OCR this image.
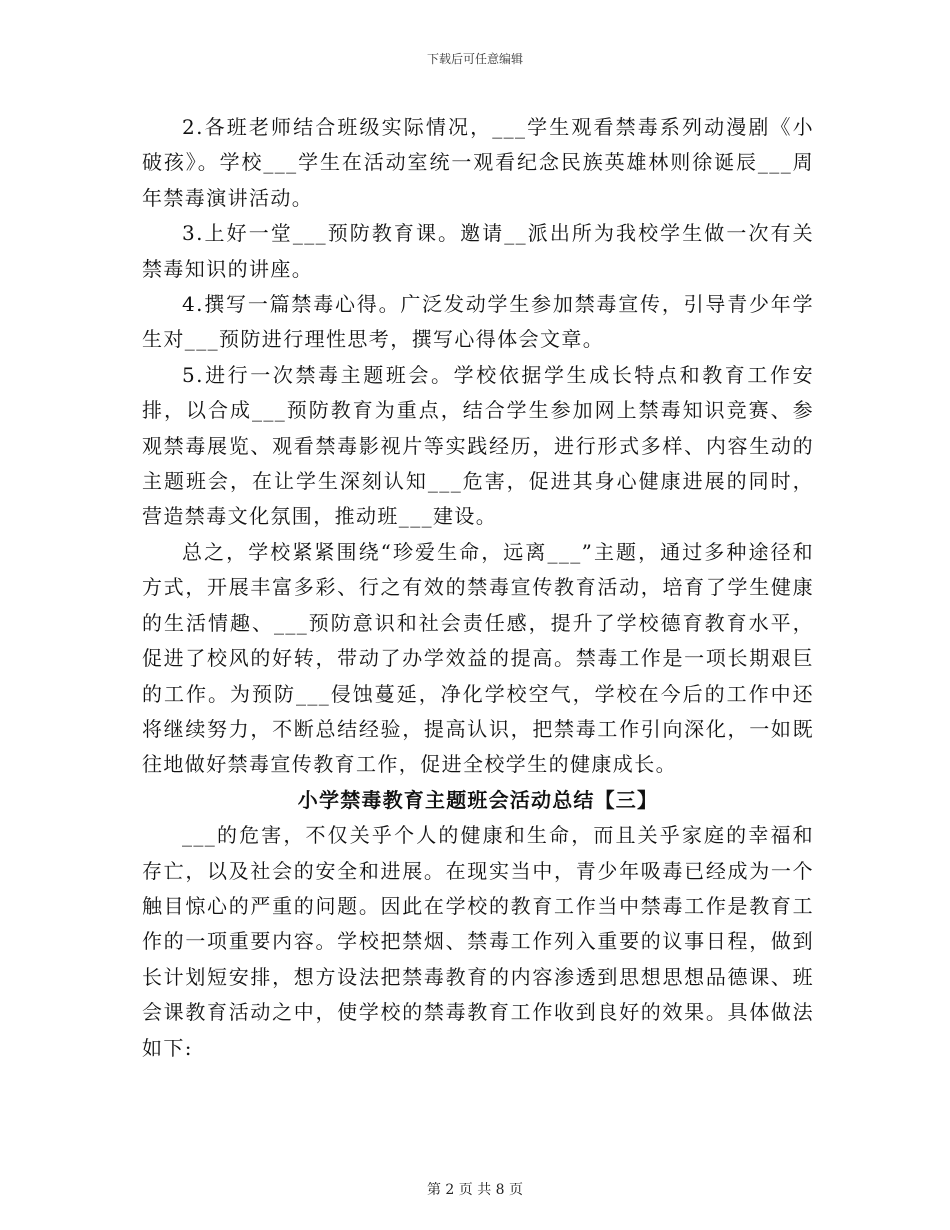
下载后可任意编辑

2.各班老师结合班级实际情况，___学生观看禁毒系列动漫剧《小破孩》。学校___学生在活动室统一观看纪念民族英雄林则徐诞辰___周年禁毒演讲活动。

3.上好一堂___预防教育课。邀请__派出所为我校学生做一次有关禁毒知识的讲座。

4.撰写一篇禁毒心得。广泛发动学生参加禁毒宣传，引导青少年学生对___预防进行理性思考，撰写心得体会文章。

5.进行一次禁毒主题班会。学校依据学生成长特点和教育工作安排，以合成___预防教育为重点，结合学生参加网上禁毒知识竞赛、参观禁毒展览、观看禁毒影视片等实践经历，进行形式多样、内容生动的主题班会，在让学生深刻认知___危害，促进其身心健康进展的同时，营造禁毒文化氛围，推动班___建设。

总之，学校紧紧围绕“珍爱生命，远离___”主题，通过多种途径和方式，开展丰富多彩、行之有效的禁毒宣传教育活动，培育了学生健康的生活情趣、___预防意识和社会责任感，提升了学校德育教育水平，促进了校风的好转，带动了办学效益的提高。禁毒工作是一项长期艰巨的工作。为预防___侵蚀蔓延，净化学校空气，学校在今后的工作中还将继续努力，不断总结经验，提高认识，把禁毒工作引向深化，一如既往地做好禁毒宣传教育工作，促进全校学生的健康成长。

小学禁毒教育主题班会活动总结【三】

___的危害，不仅关乎个人的健康和生命，而且关乎家庭的幸福和存亡，以及社会的安全和进展。在现实当中，青少年吸毒已经成为一个触目惊心的严重的问题。因此在学校的教育工作当中禁毒工作是教育工作的一项重要内容。学校把禁烟、禁毒工作列入重要的议事日程，做到长计划短安排，想方设法把禁毒教育的内容渗透到思想思想品德课、班会课教育活动之中，使学校的禁毒教育工作收到良好的效果。具体做法如下:

第 2 页 共 8 页
